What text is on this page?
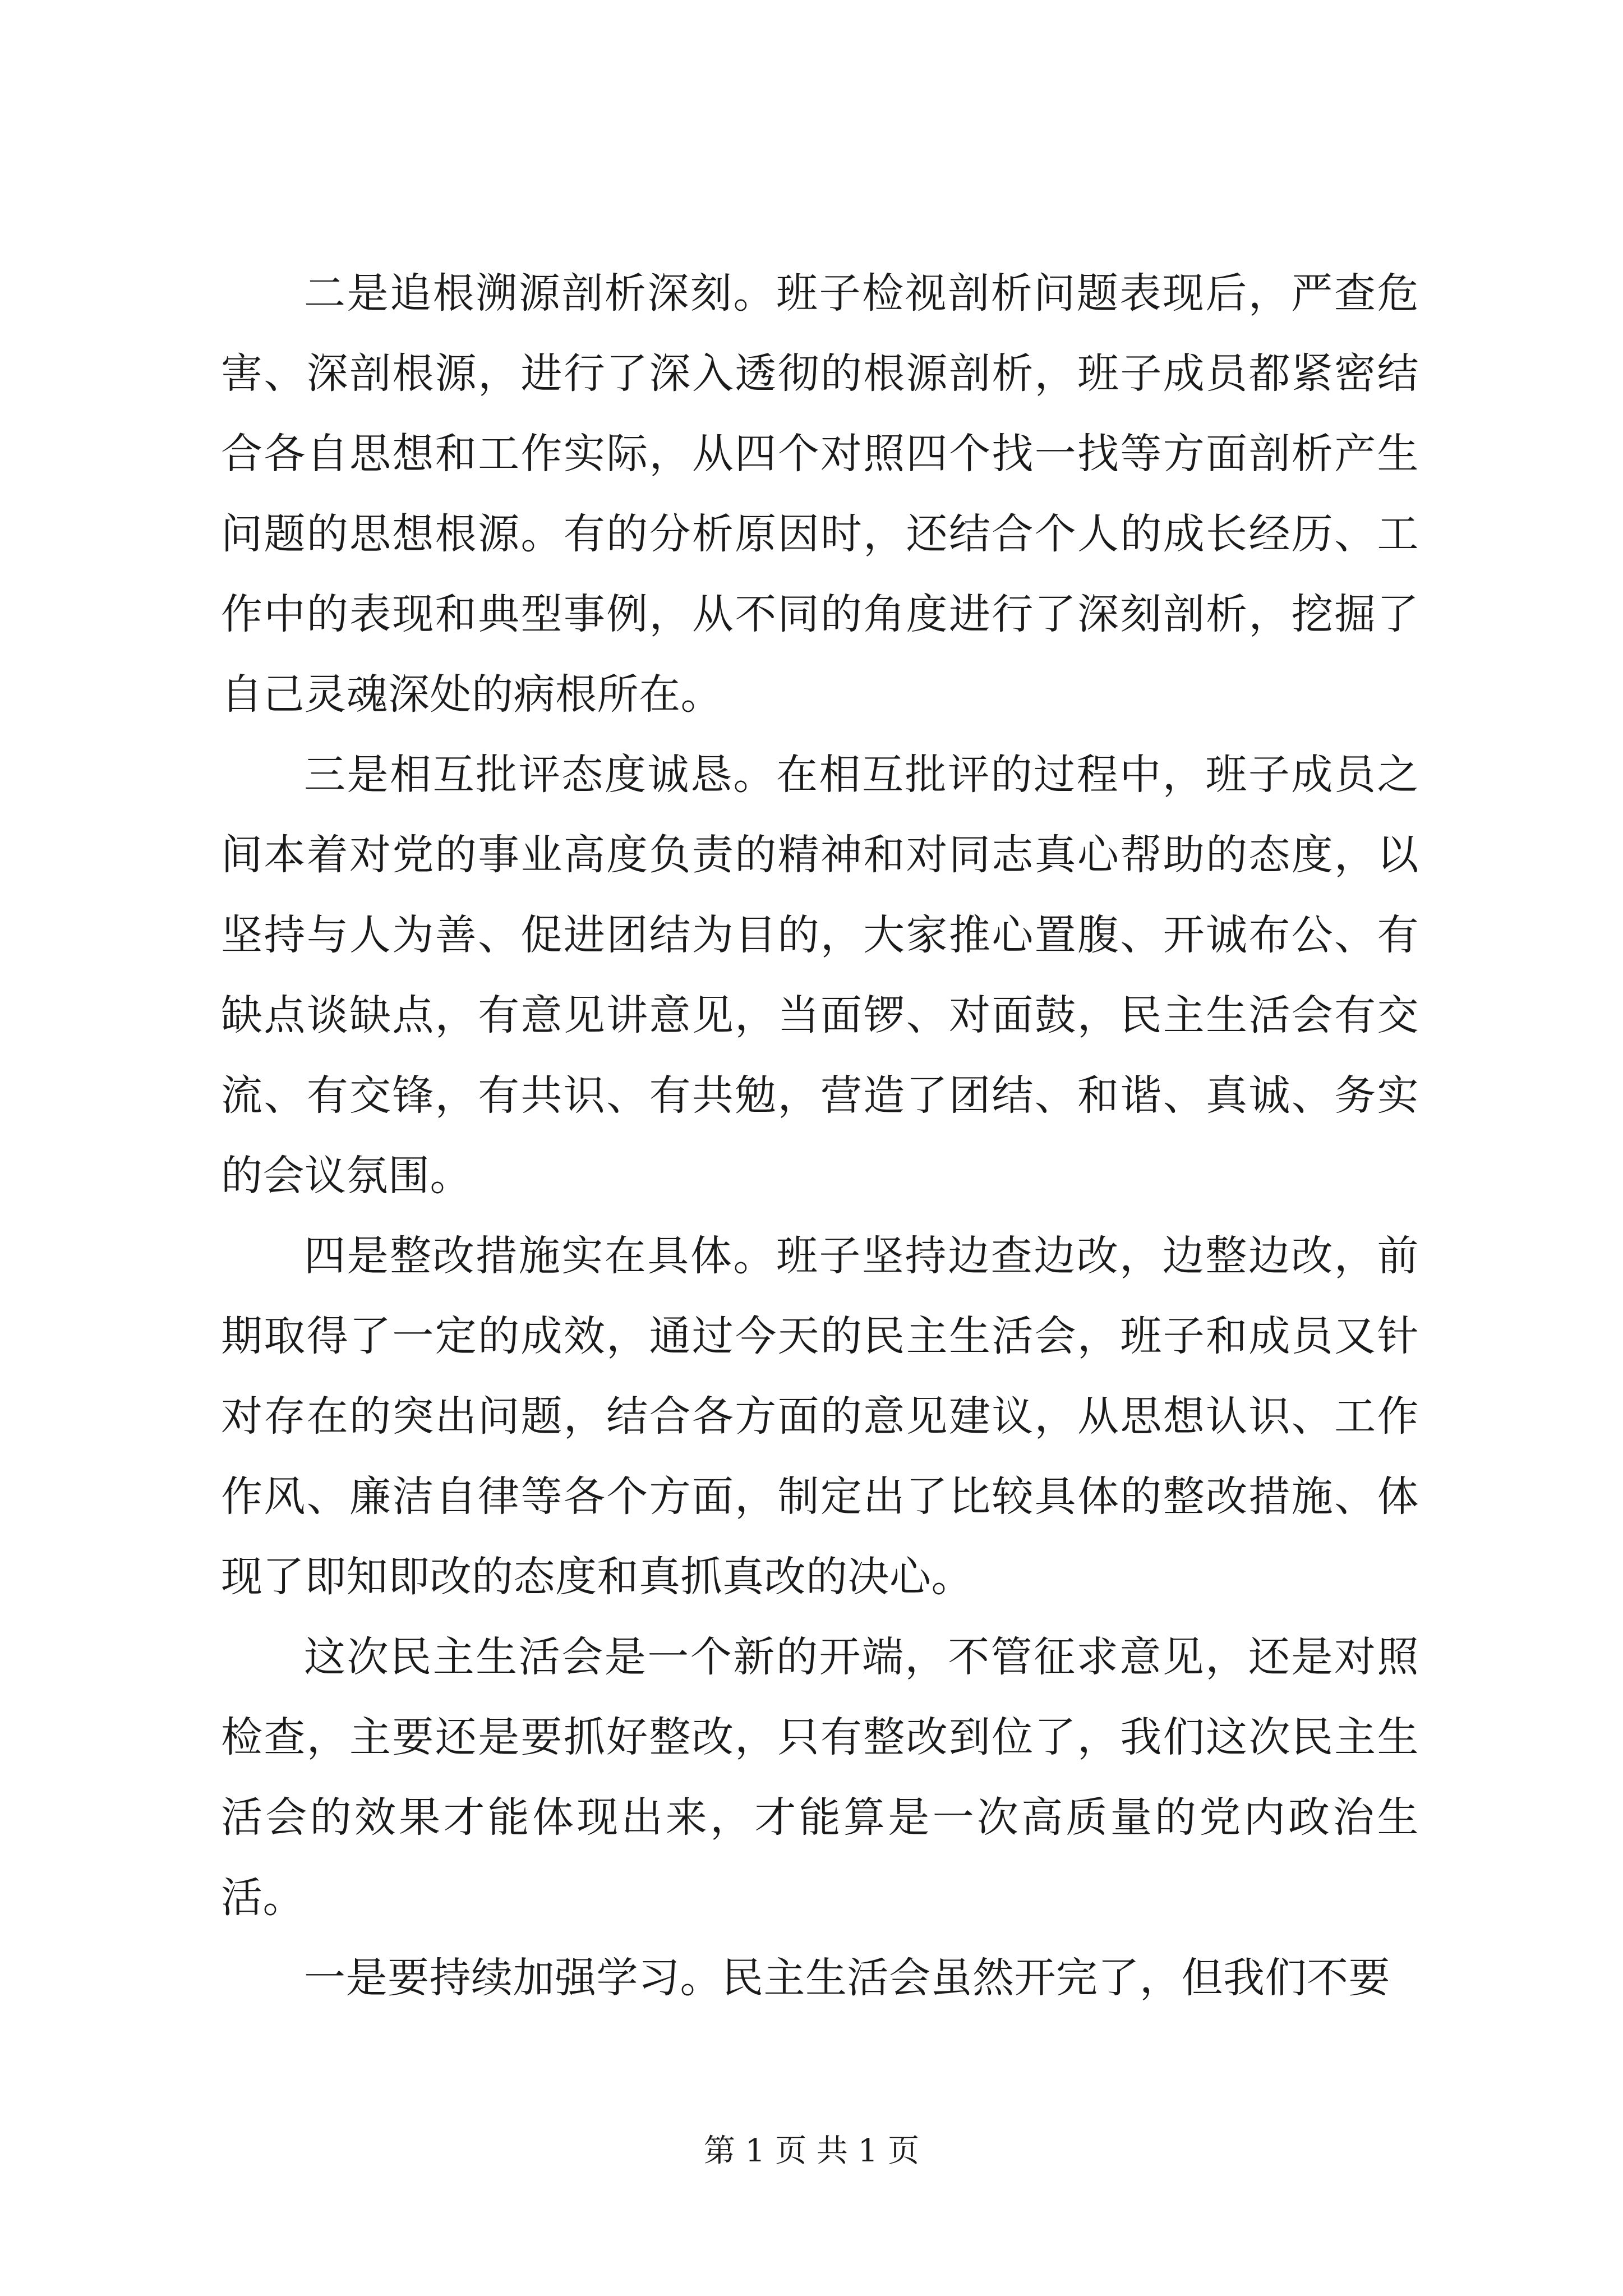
二是追根溯源剖析深刻。班子检视剖析问题表现后，严查危害、深剖根源，进行了深入透彻的根源剖析，班子成员都紧密结合各自思想和工作实际，从四个对照四个找一找等方面剖析产生问题的思想根源。有的分析原因时，还结合个人的成长经历、工作中的表现和典型事例，从不同的角度进行了深刻剖析，挖掘了自己灵魂深处的病根所在。

三是相互批评态度诚恳。在相互批评的过程中，班子成员之间本着对党的事业高度负责的精神和对同志真心帮助的态度，以坚持与人为善、促进团结为目的，大家推心置腹、开诚布公、有缺点谈缺点，有意见讲意见，当面锣、对面鼓，民主生活会有交流、有交锋，有共识、有共勉，营造了团结、和谐、真诚、务实的会议氛围。

四是整改措施实在具体。班子坚持边查边改，边整边改，前期取得了一定的成效，通过今天的民主生活会，班子和成员又针对存在的突出问题，结合各方面的意见建议，从思想认识、工作作风、廉洁自律等各个方面，制定出了比较具体的整改措施、体现了即知即改的态度和真抓真改的决心。

这次民主生活会是一个新的开端，不管征求意见，还是对照检查，主要还是要抓好整改，只有整改到位了，我们这次民主生活会的效果才能体现出来，才能算是一次高质量的党内政治生活。

一是要持续加强学习。民主生活会虽然开完了，但我们不要

第 1 页 共 1 页
